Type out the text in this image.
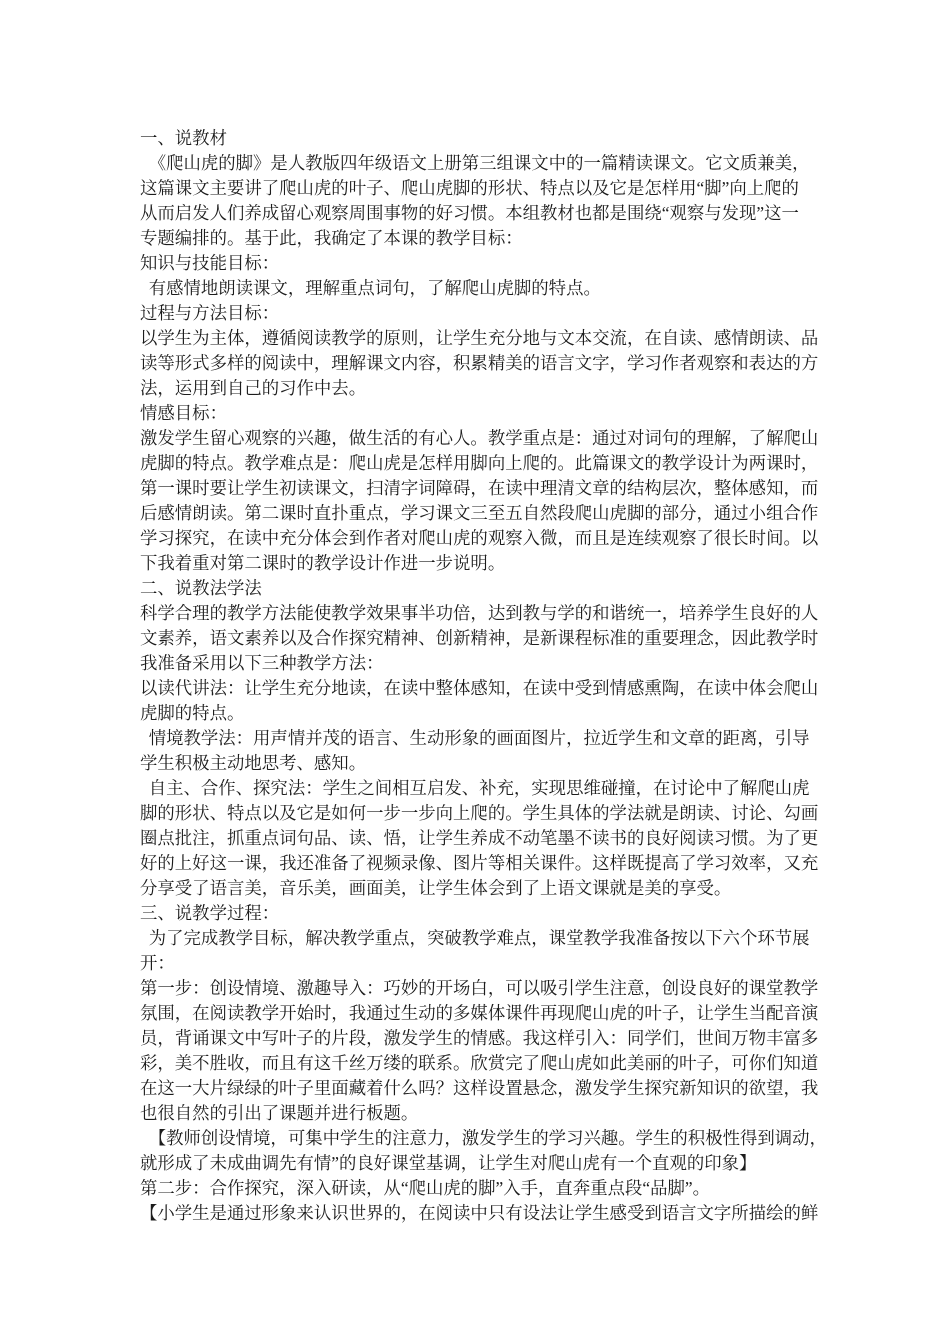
一、说教材
《爬山虎的脚》是人教版四年级语文上册第三组课文中的一篇精读课文。它文质兼美，
这篇课文主要讲了爬山虎的叶子、爬山虎脚的形状、特点以及它是怎样用“脚”向上爬的
从而启发人们养成留心观察周围事物的好习惯。本组教材也都是围绕“观察与发现”这一
专题编排的。基于此，我确定了本课的教学目标：
知识与技能目标：
有感情地朗读课文，理解重点词句，了解爬山虎脚的特点。
过程与方法目标：
以学生为主体，遵循阅读教学的原则，让学生充分地与文本交流，在自读、感情朗读、品
读等形式多样的阅读中，理解课文内容，积累精美的语言文字，学习作者观察和表达的方
法，运用到自己的习作中去。
情感目标：
激发学生留心观察的兴趣，做生活的有心人。教学重点是：通过对词句的理解，了解爬山
虎脚的特点。教学难点是：爬山虎是怎样用脚向上爬的。此篇课文的教学设计为两课时，
第一课时要让学生初读课文，扫清字词障碍，在读中理清文章的结构层次，整体感知，而
后感情朗读。第二课时直扑重点，学习课文三至五自然段爬山虎脚的部分，通过小组合作
学习探究，在读中充分体会到作者对爬山虎的观察入微，而且是连续观察了很长时间。以
下我着重对第二课时的教学设计作进一步说明。
二、说教法学法
科学合理的教学方法能使教学效果事半功倍，达到教与学的和谐统一，培养学生良好的人
文素养，语文素养以及合作探究精神、创新精神，是新课程标准的重要理念，因此教学时
我准备采用以下三种教学方法：
以读代讲法：让学生充分地读，在读中整体感知，在读中受到情感熏陶，在读中体会爬山
虎脚的特点。
情境教学法：用声情并茂的语言、生动形象的画面图片，拉近学生和文章的距离，引导
学生积极主动地思考、感知。
自主、合作、探究法：学生之间相互启发、补充，实现思维碰撞，在讨论中了解爬山虎
脚的形状、特点以及它是如何一步一步向上爬的。学生具体的学法就是朗读、讨论、勾画
圈点批注，抓重点词句品、读、悟，让学生养成不动笔墨不读书的良好阅读习惯。为了更
好的上好这一课，我还准备了视频录像、图片等相关课件。这样既提高了学习效率，又充
分享受了语言美，音乐美，画面美，让学生体会到了上语文课就是美的享受。
三、说教学过程：
为了完成教学目标，解决教学重点，突破教学难点，课堂教学我准备按以下六个环节展
开：
第一步：创设情境、激趣导入：巧妙的开场白，可以吸引学生注意，创设良好的课堂教学
氛围，在阅读教学开始时，我通过生动的多媒体课件再现爬山虎的叶子，让学生当配音演
员，背诵课文中写叶子的片段，激发学生的情感。我这样引入：同学们，世间万物丰富多
彩，美不胜收，而且有这千丝万缕的联系。欣赏完了爬山虎如此美丽的叶子，可你们知道
在这一大片绿绿的叶子里面藏着什么吗？这样设置悬念，激发学生探究新知识的欲望，我
也很自然的引出了课题并进行板题。
【教师创设情境，可集中学生的注意力，激发学生的学习兴趣。学生的积极性得到调动，
就形成了未成曲调先有情”的良好课堂基调，让学生对爬山虎有一个直观的印象】
第二步：合作探究，深入研读，从“爬山虎的脚”入手，直奔重点段“品脚”。
【小学生是通过形象来认识世界的，在阅读中只有设法让学生感受到语言文字所描绘的鲜
